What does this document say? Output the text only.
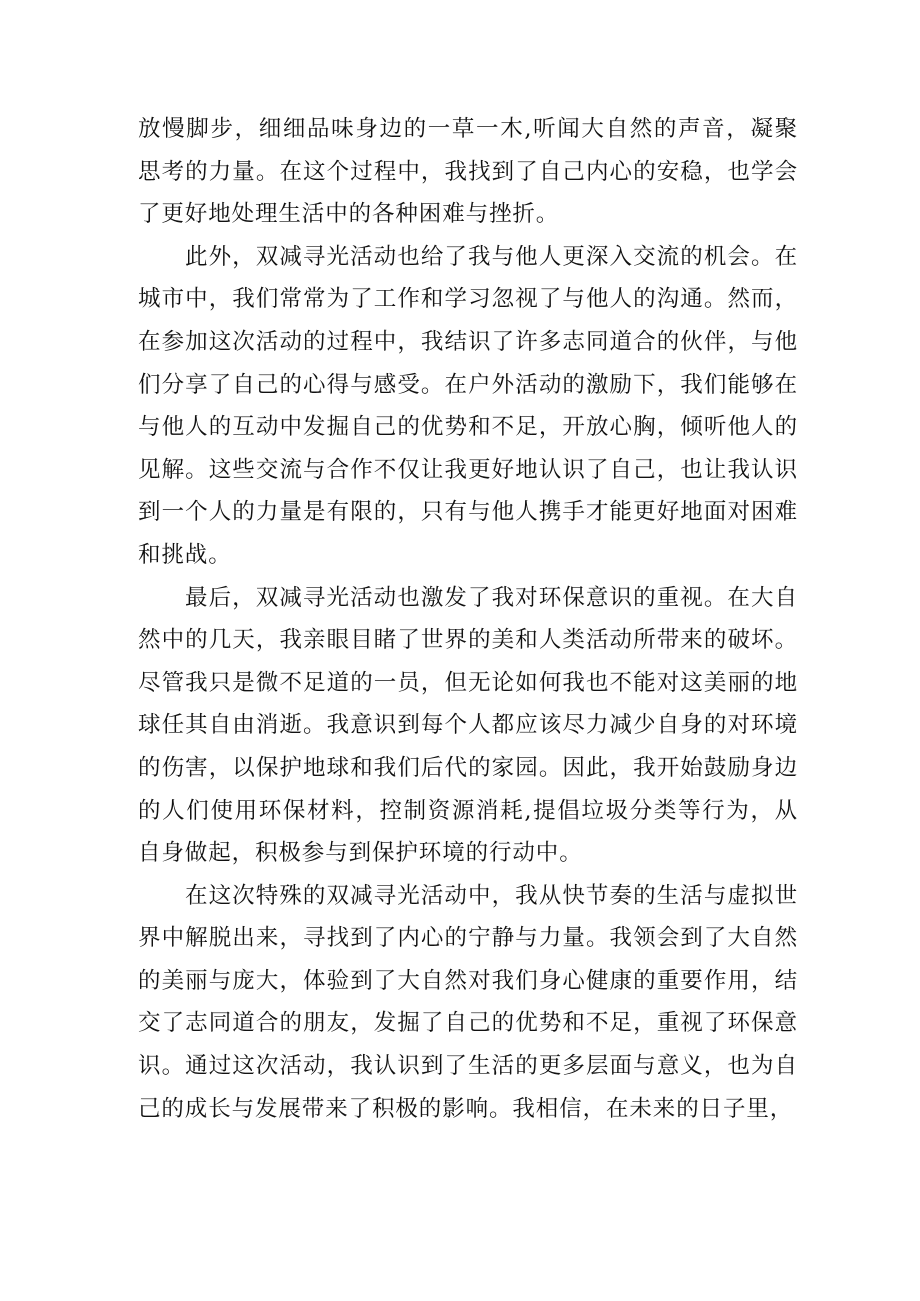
放慢脚步，细细品味身边的一草一木,听闻大自然的声音，凝聚思考的力量。在这个过程中，我找到了自己内心的安稳，也学会了更好地处理生活中的各种困难与挫折。

此外，双减寻光活动也给了我与他人更深入交流的机会。在城市中，我们常常为了工作和学习忽视了与他人的沟通。然而，在参加这次活动的过程中，我结识了许多志同道合的伙伴，与他们分享了自己的心得与感受。在户外活动的激励下，我们能够在与他人的互动中发掘自己的优势和不足，开放心胸，倾听他人的见解。这些交流与合作不仅让我更好地认识了自己，也让我认识到一个人的力量是有限的，只有与他人携手才能更好地面对困难和挑战。

最后，双减寻光活动也激发了我对环保意识的重视。在大自然中的几天，我亲眼目睹了世界的美和人类活动所带来的破坏。尽管我只是微不足道的一员，但无论如何我也不能对这美丽的地球任其自由消逝。我意识到每个人都应该尽力减少自身的对环境的伤害，以保护地球和我们后代的家园。因此，我开始鼓励身边的人们使用环保材料，控制资源消耗,提倡垃圾分类等行为，从自身做起，积极参与到保护环境的行动中。

在这次特殊的双减寻光活动中，我从快节奏的生活与虚拟世界中解脱出来，寻找到了内心的宁静与力量。我领会到了大自然的美丽与庞大，体验到了大自然对我们身心健康的重要作用，结交了志同道合的朋友，发掘了自己的优势和不足，重视了环保意识。通过这次活动，我认识到了生活的更多层面与意义，也为自己的成长与发展带来了积极的影响。我相信，在未来的日子里，
